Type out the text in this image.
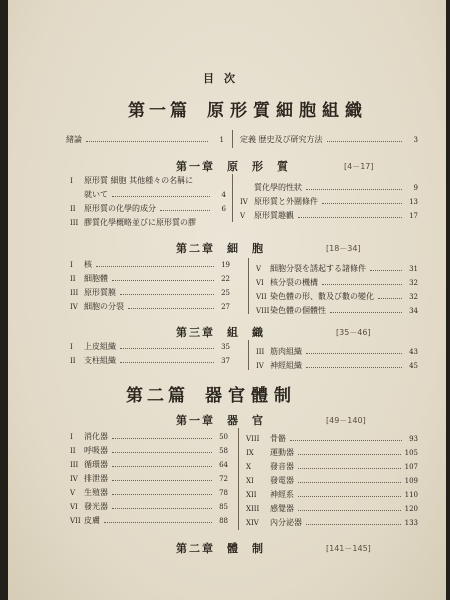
目次
第一篇 原形質細胞組織
緒論	1 定義 歴史及び研究方法	3
第一章 原形質	[4－17]
I	原形質 細胞 其他種々の名稱に
就いて	4
II	原形質の化學的成分	6
III 膠質化學概略並びに原形質の膠
質化學的性狀	9
IV 原形質と外圍條件	13
V	原形質趣觀	17
第二章 細胞	[18－34]
I	核	19
II	細胞體	22
III 原形質膜	25
IV 細胞の分裂	27
V	細胞分裂を誘起する諸條件	31
VI 核分裂の機構	32
VII 染色體の形、數及び數の變化	32
VIII 染色體の個體性	34
第三章 組織	[35－46]
I	上皮組織	35
II	支柱組織	37
III 筋肉組織	43
IV 神經組織	45
第二篇 器官體制
第一章 器官	[49－140]
I	消化器	50
II	呼吸器	58
III 循環器	64
IV 排泄器	72
V	生殖器	78
VI 發光器	85
VII 皮膚	88
VIII	骨骼	93
IX	運動器	105
X	發音器	107
XI	發電器	109
XII	神經系	110
XIII	感覺器	120
XIV	內分泌器	133
第二章 體制	[141－145]
